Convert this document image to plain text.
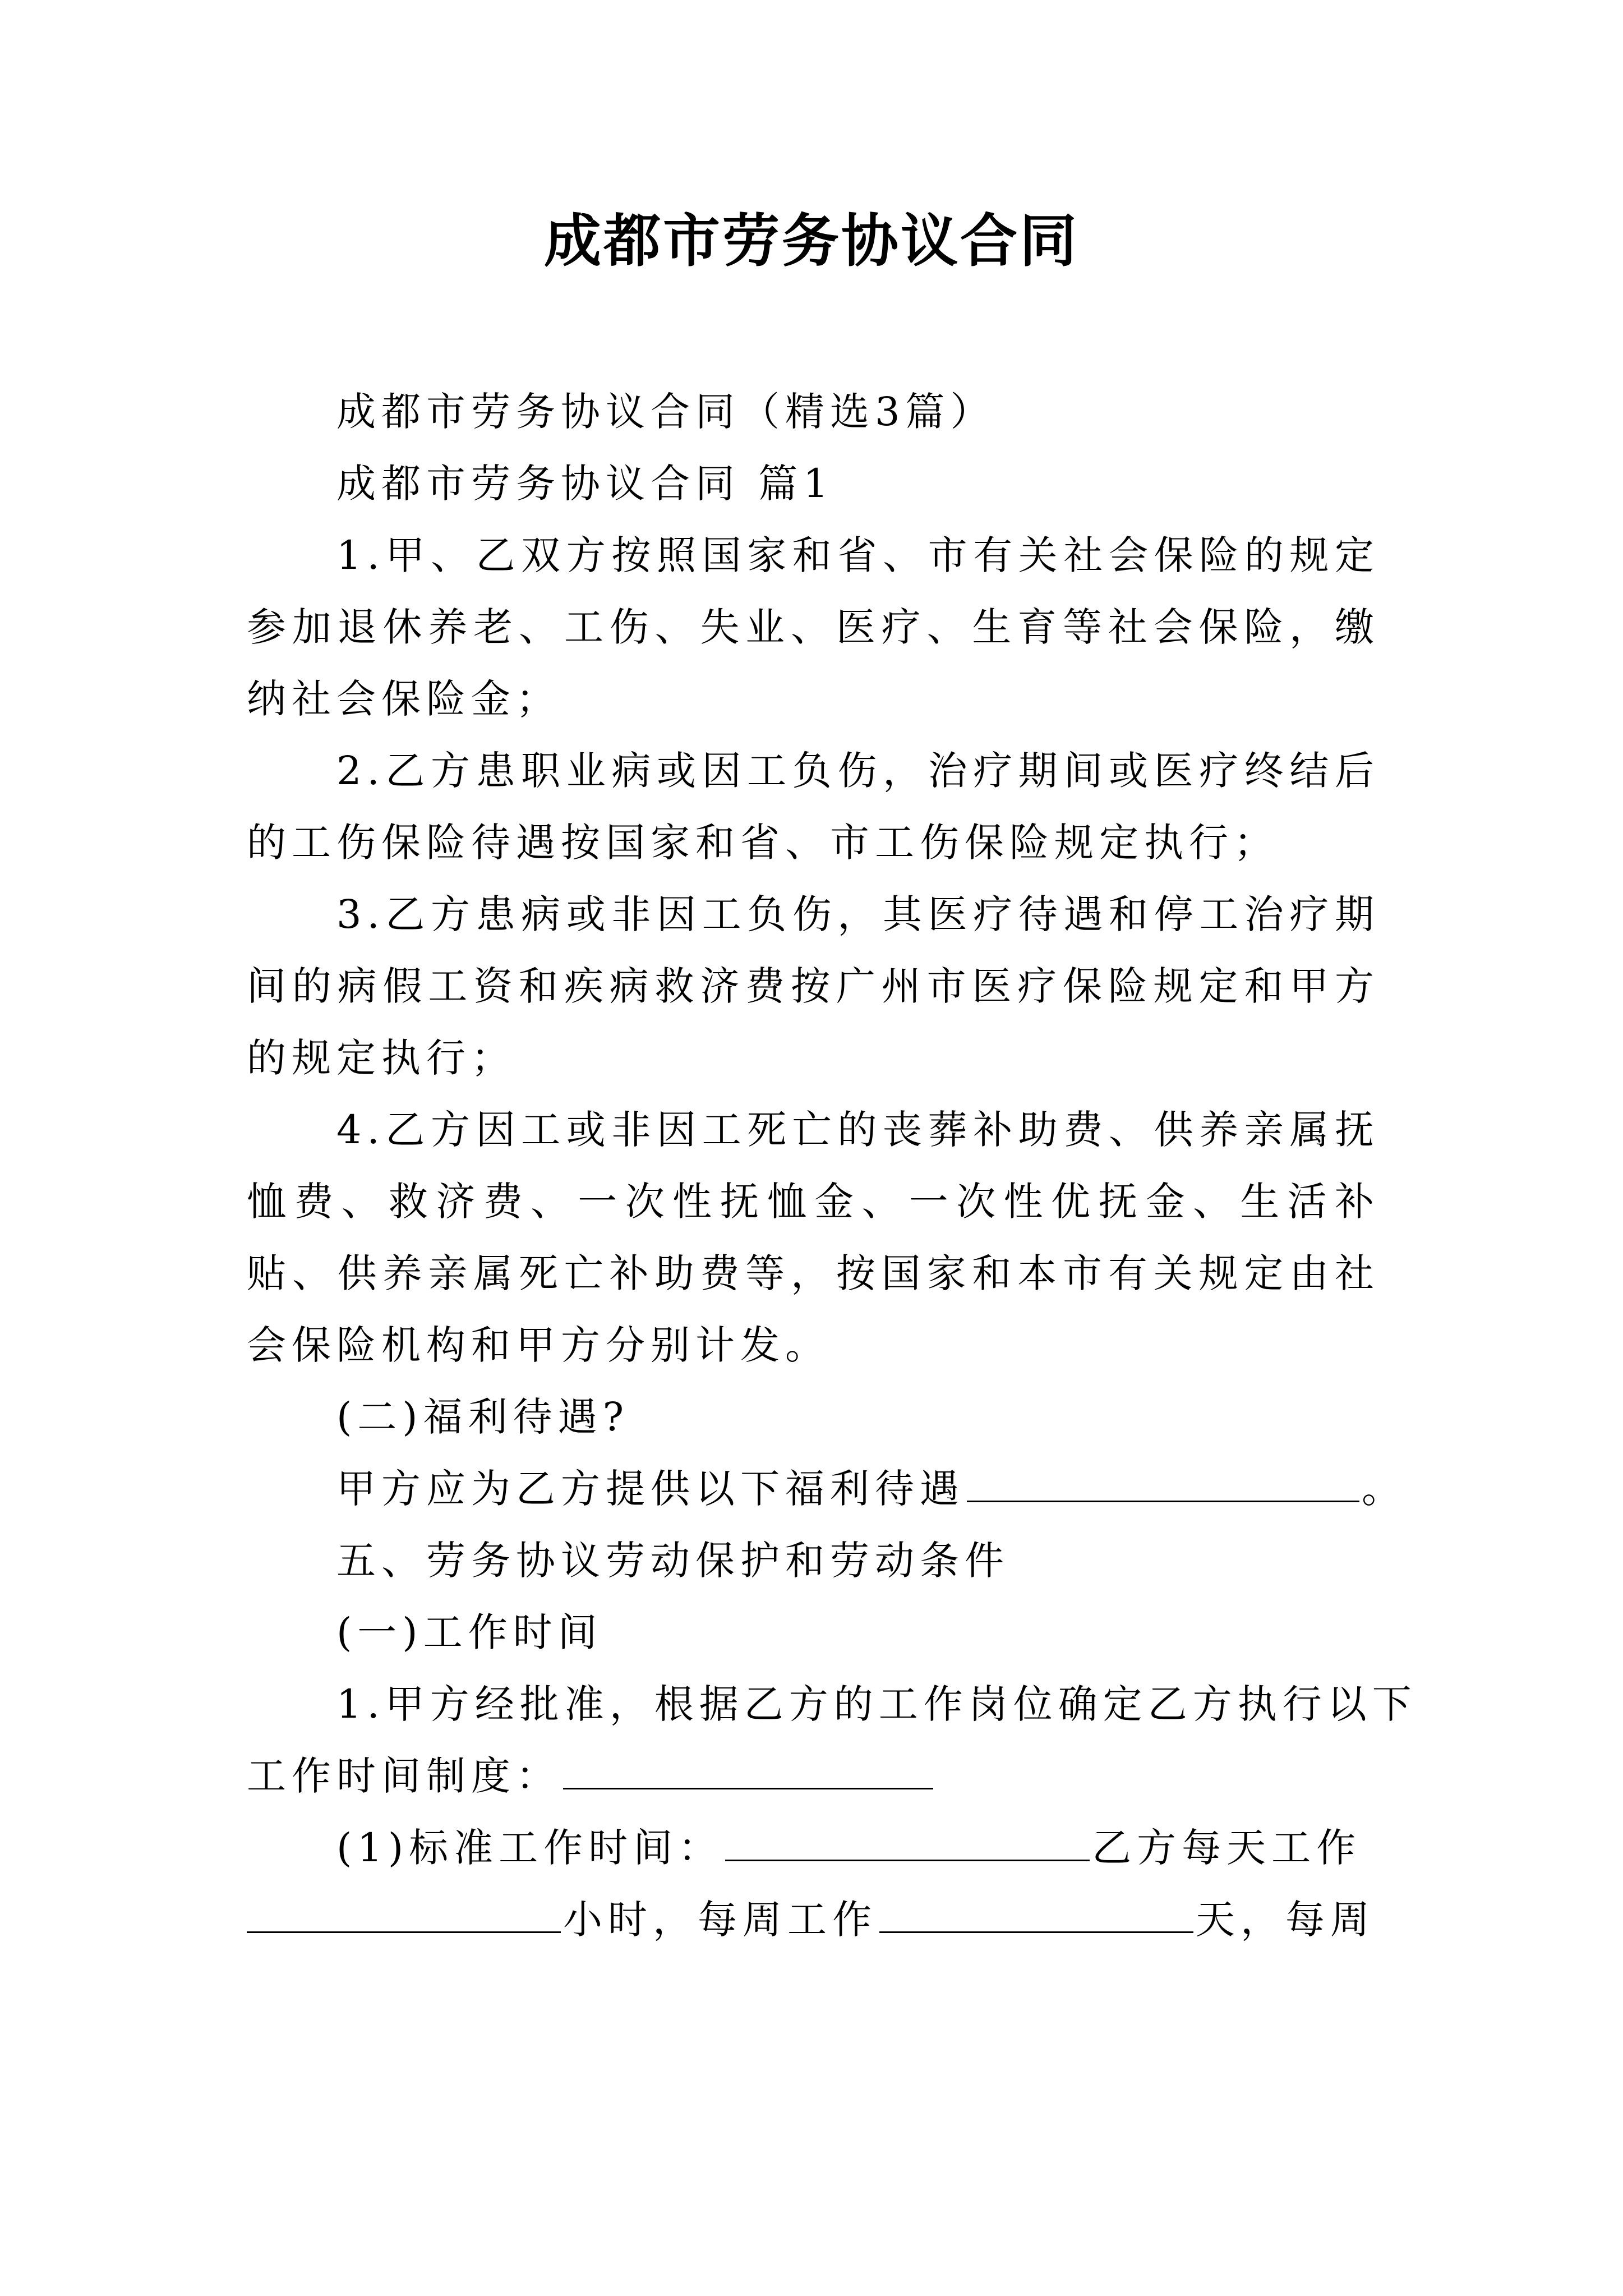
成都市劳务协议合同

成都市劳务协议合同（精选3篇）

成都市劳务协议合同 篇1

1.甲、乙双方按照国家和省、市有关社会保险的规定参加退休养老、工伤、失业、医疗、生育等社会保险，缴纳社会保险金；

2.乙方患职业病或因工负伤，治疗期间或医疗终结后的工伤保险待遇按国家和省、市工伤保险规定执行；

3.乙方患病或非因工负伤，其医疗待遇和停工治疗期间的病假工资和疾病救济费按广州市医疗保险规定和甲方的规定执行；

4.乙方因工或非因工死亡的丧葬补助费、供养亲属抚恤费、救济费、一次性抚恤金、一次性优抚金、生活补贴、供养亲属死亡补助费等，按国家和本市有关规定由社会保险机构和甲方分别计发。

(二)福利待遇?

甲方应为乙方提供以下福利待遇	。

五、劳务协议劳动保护和劳动条件

(一)工作时间

1.甲方经批准，根据乙方的工作岗位确定乙方执行以下

工作时间制度：

(1)标准工作时间：	乙方每天工作

小时，每周工作	天，每周
